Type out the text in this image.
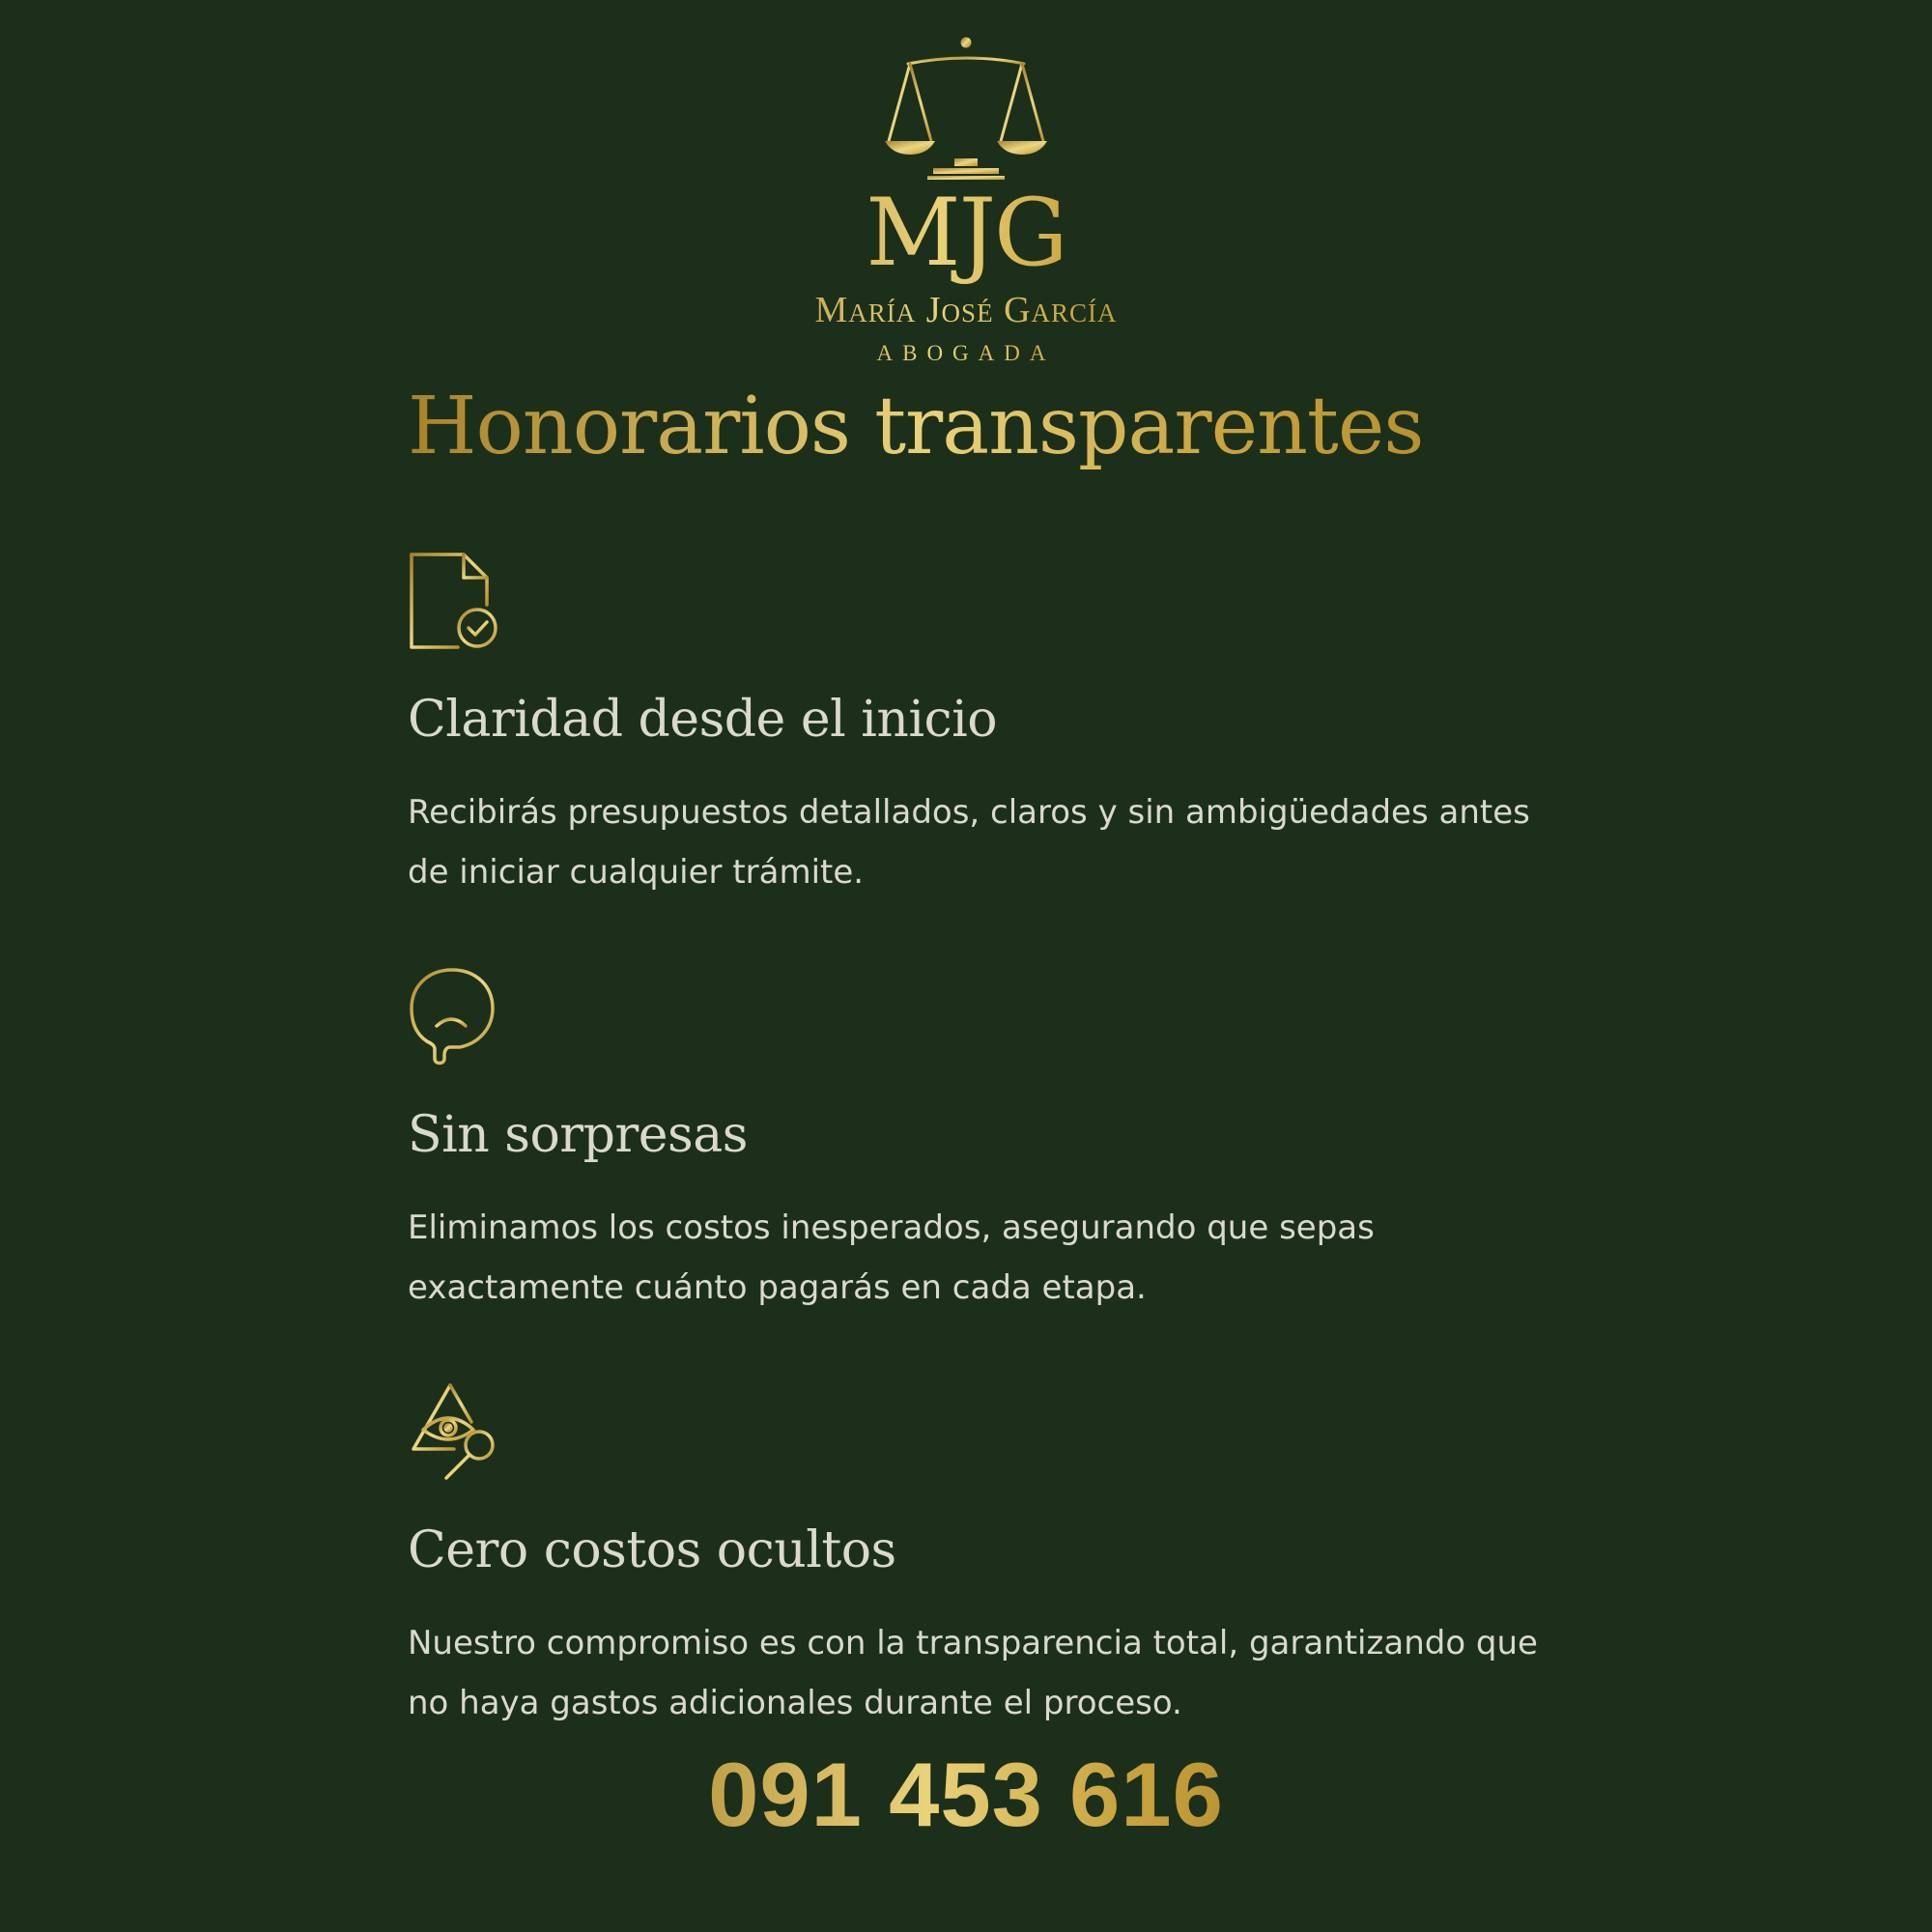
MJG
María José García
ABOGADA
Honorarios transparentes
Claridad desde el inicio

Recibirás presupuestos detallados, claros y sin ambigüedades antes de iniciar cualquier trámite.

Sin sorpresas

Eliminamos los costos inesperados, asegurando que sepas exactamente cuánto pagarás en cada etapa.

Cero costos ocultos

Nuestro compromiso es con la transparencia total, garantizando que no haya gastos adicionales durante el proceso.

091 453 616
